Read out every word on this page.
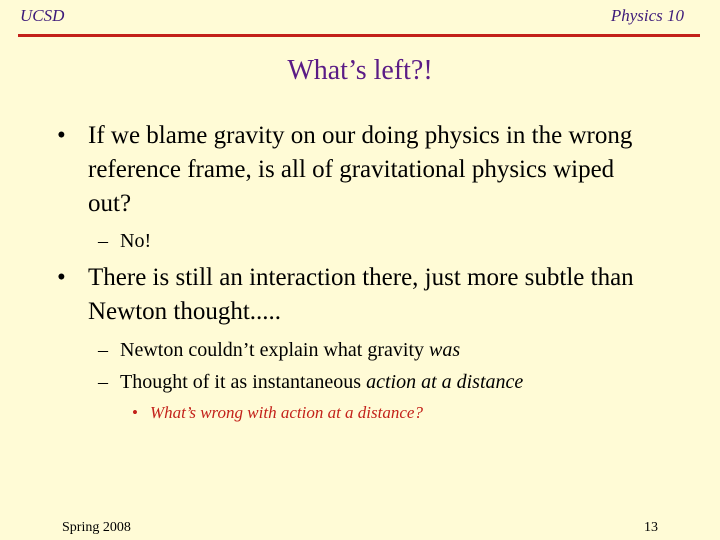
UCSD	Physics 10
What’s left?!
• If we blame gravity on our doing physics in the wrong reference frame, is all of gravitational physics wiped out?
– No!
• There is still an interaction there, just more subtle than Newton thought.....
– Newton couldn’t explain what gravity was
– Thought of it as instantaneous action at a distance
• What’s wrong with action at a distance?
Spring 2008	13
